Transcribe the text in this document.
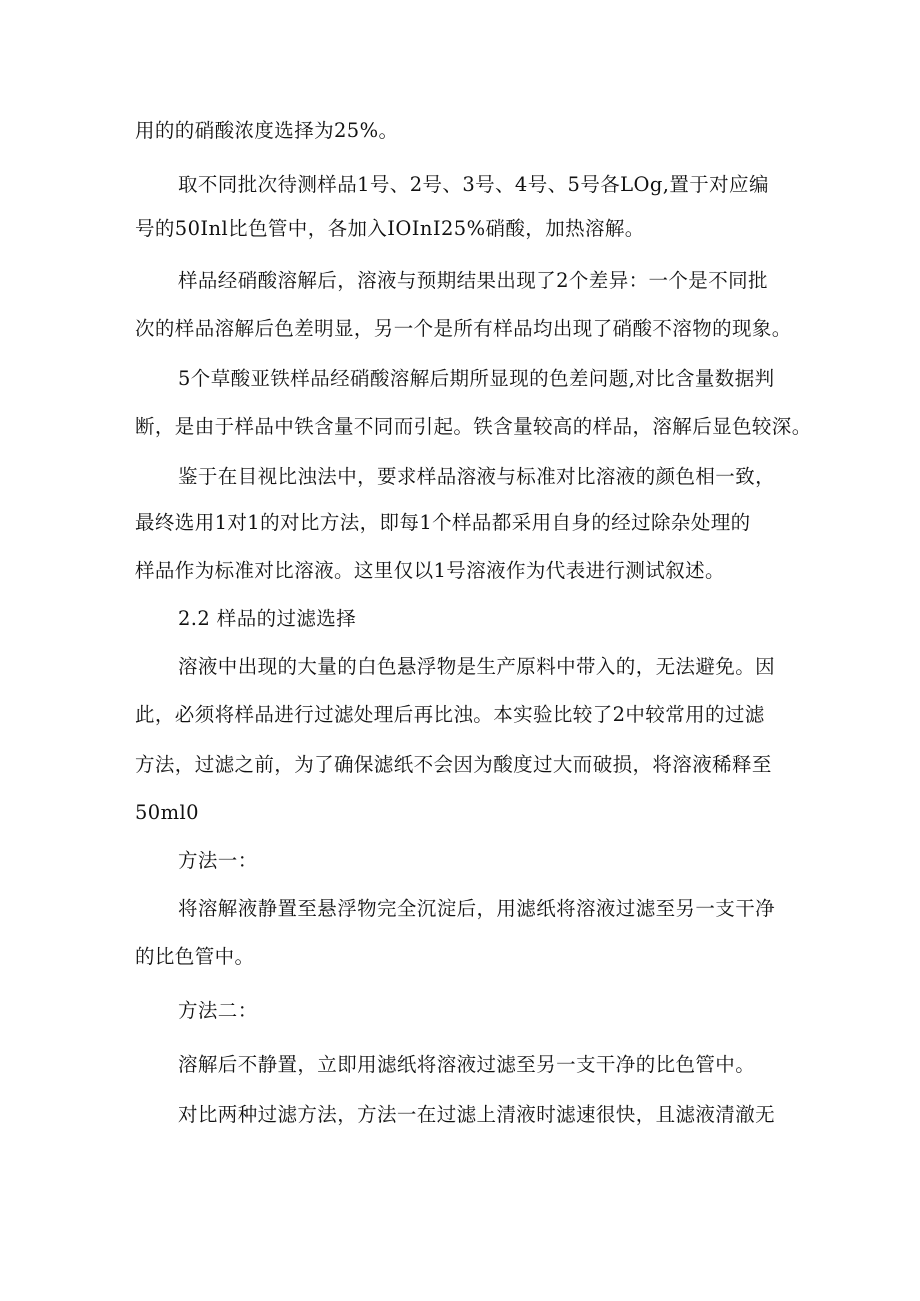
用的的硝酸浓度选择为25%。
取不同批次待测样品1号、2号、3号、4号、5号各LOg,置于对应编
号的50Inl比色管中，各加入IOInI25%硝酸，加热溶解。
样品经硝酸溶解后，溶液与预期结果出现了2个差异：一个是不同批
次的样品溶解后色差明显，另一个是所有样品均出现了硝酸不溶物的现象。
5个草酸亚铁样品经硝酸溶解后期所显现的色差问题,对比含量数据判
断，是由于样品中铁含量不同而引起。铁含量较高的样品，溶解后显色较深。
鉴于在目视比浊法中，要求样品溶液与标准对比溶液的颜色相一致，
最终选用1对1的对比方法，即每1个样品都采用自身的经过除杂处理的
样品作为标准对比溶液。这里仅以1号溶液作为代表进行测试叙述。
2.2 样品的过滤选择
溶液中出现的大量的白色悬浮物是生产原料中带入的，无法避免。因
此，必须将样品进行过滤处理后再比浊。本实验比较了2中较常用的过滤
方法，过滤之前，为了确保滤纸不会因为酸度过大而破损，将溶液稀释至
50ml0
方法一：
将溶解液静置至悬浮物完全沉淀后，用滤纸将溶液过滤至另一支干净
的比色管中。
方法二：
溶解后不静置，立即用滤纸将溶液过滤至另一支干净的比色管中。
对比两种过滤方法，方法一在过滤上清液时滤速很快，且滤液清澈无
